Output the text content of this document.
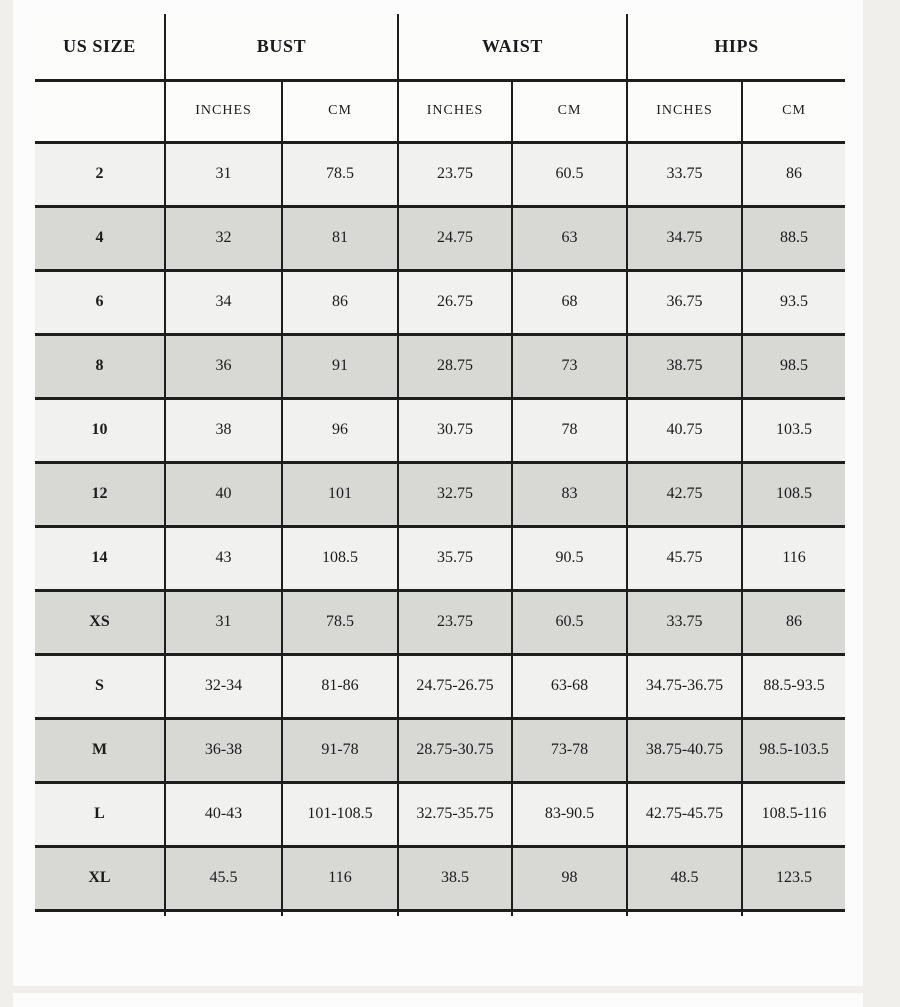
US SIZE	BUST		WAIST		HIPS	
	INCHES	CM	INCHES	CM	INCHES	CM
2	31	78.5	23.75	60.5	33.75	86
4	32	81	24.75	63	34.75	88.5
6	34	86	26.75	68	36.75	93.5
8	36	91	28.75	73	38.75	98.5
10	38	96	30.75	78	40.75	103.5
12	40	101	32.75	83	42.75	108.5
14	43	108.5	35.75	90.5	45.75	116
XS	31	78.5	23.75	60.5	33.75	86
S	32-34	81-86	24.75-26.75	63-68	34.75-36.75	88.5-93.5
M	36-38	91-78	28.75-30.75	73-78	38.75-40.75	98.5-103.5
L	40-43	101-108.5	32.75-35.75	83-90.5	42.75-45.75	108.5-116
XL	45.5	116	38.5	98	48.5	123.5
